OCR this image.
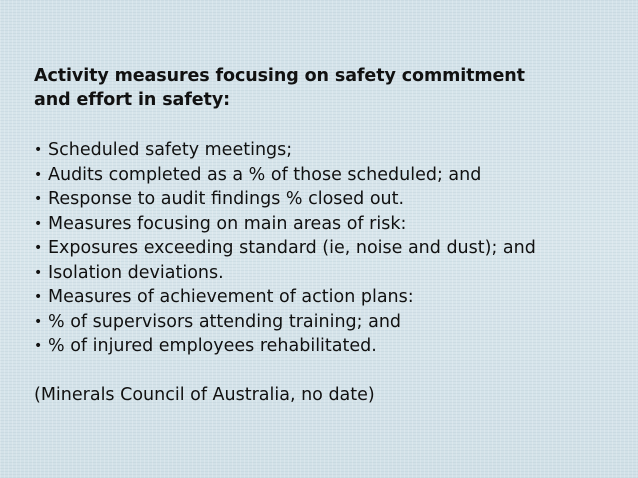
Activity measures focusing on safety commitment
and effort in safety:
• Scheduled safety meetings;
• Audits completed as a % of those scheduled; and
• Response to audit findings % closed out.
• Measures focusing on main areas of risk:
• Exposures exceeding standard (ie, noise and dust); and
• Isolation deviations.
• Measures of achievement of action plans:
• % of supervisors attending training; and
• % of injured employees rehabilitated.
(Minerals Council of Australia, no date)
